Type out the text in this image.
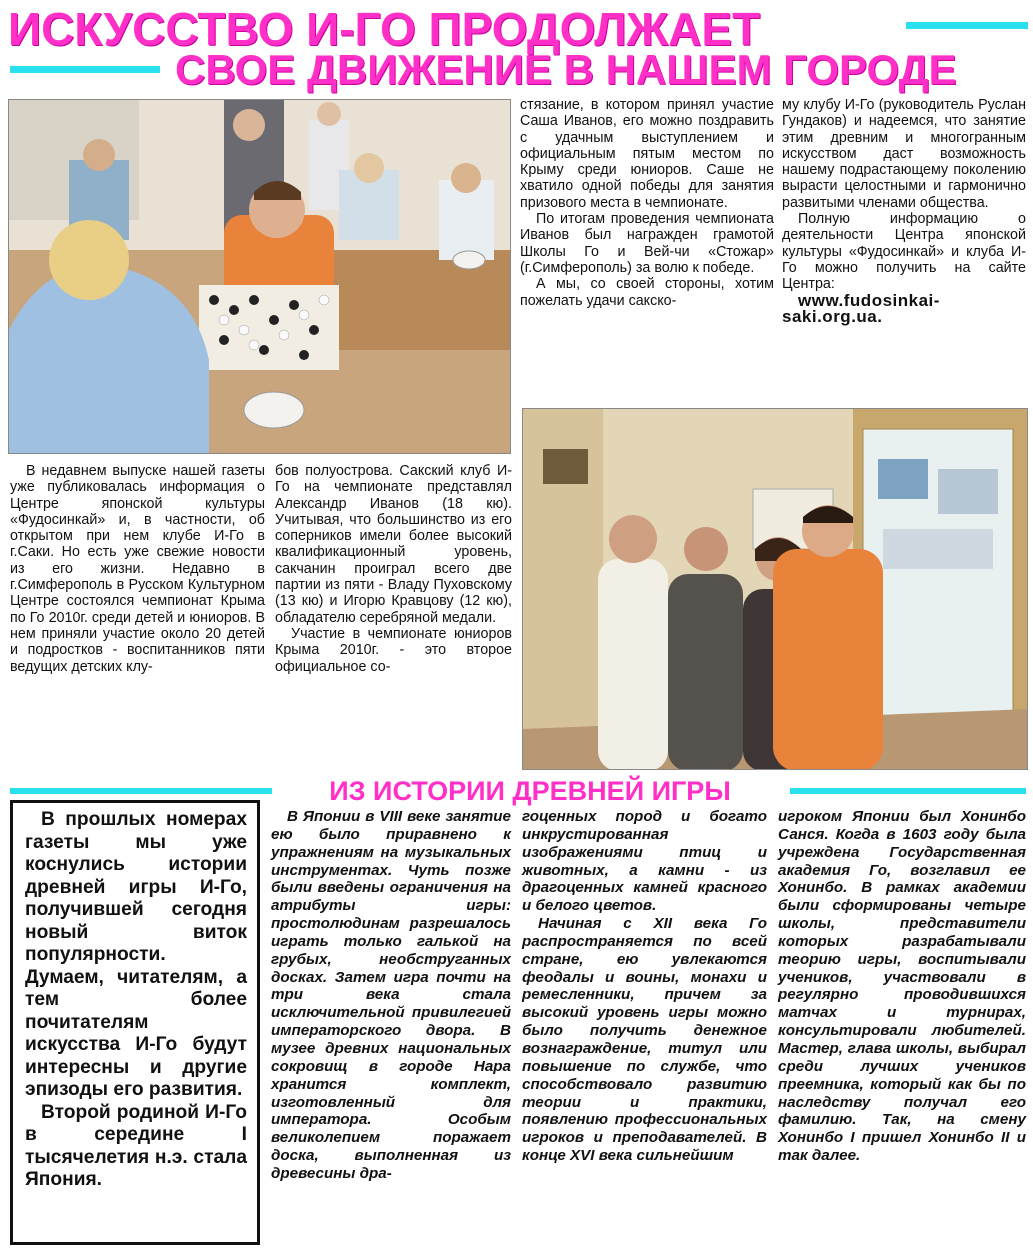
ИСКУССТВО И-ГО ПРОДОЛЖАЕТ
СВОЕ ДВИЖЕНИЕ В НАШЕМ ГОРОДЕ

В недавнем выпуске нашей газеты уже публиковалась информация о Центре японской культуры «Фудосинкай» и, в частности, об открытом при нем клубе И-Го в г.Саки. Но есть уже свежие новости из его жизни. Недавно в г.Симферополь в Русском Культурном Центре состоялся чемпионат Крыма по Го 2010г. среди детей и юниоров. В нем приняли участие около 20 детей и подростков - воспитанников пяти ведущих детских клу-

бов полуострова. Сакский клуб И-Го на чемпионате представлял Александр Иванов (18 кю). Учитывая, что большинство из его соперников имели более высокий квалификационный уровень, сакчанин проиграл всего две партии из пяти - Владу Пуховскому (13 кю) и Игорю Кравцову (12 кю), обладателю серебряной медали.

Участие в чемпионате юниоров Крыма 2010г. - это второе официальное со-

стязание, в котором принял участие Саша Иванов, его можно поздравить с удачным выступлением и официальным пятым местом по Крыму среди юниоров. Саше не хватило одной победы для занятия призового места в чемпионате.

По итогам проведения чемпионата Иванов был награжден грамотой Школы Го и Вей-чи «Стожар» (г.Симферополь) за волю к победе.

А мы, со своей стороны, хотим пожелать удачи сакско-

му клубу И-Го (руководитель Руслан Гундаков) и надеемся, что занятие этим древним и многогранным искусством даст возможность нашему подрастающему поколению вырасти целостными и гармонично развитыми членами общества.

Полную информацию о деятельности Центра японской культуры «Фудосинкай» и клуба И-Го можно получить на сайте Центра:

www.fudosinkai-saki.org.ua.

ИЗ ИСТОРИИ ДРЕВНЕЙ ИГРЫ

В прошлых номерах газеты мы уже коснулись истории древней игры И-Го, получившей сегодня новый виток популярности. Думаем, читателям, а тем более почитателям искусства И-Го будут интересны и другие эпизоды его развития.

Второй родиной И-Го в середине I тысячелетия н.э. стала Япония.

В Японии в VIII веке занятие ею было приравнено к упражнениям на музыкальных инструментах. Чуть позже были введены ограничения на атрибуты игры: простолюдинам разрешалось играть только галькой на грубых, необструганных досках. Затем игра почти на три века стала исключительной привилегией императорского двора. В музее древних национальных сокровищ в городе Нара хранится комплект, изготовленный для императора. Особым великолепием поражает доска, выполненная из древесины дра-

гоценных пород и богато инкрустированная изображениями птиц и животных, а камни - из драгоценных камней красного и белого цветов.

Начиная с XII века Го распространяется по всей стране, ею увлекаются феодалы и воины, монахи и ремесленники, причем за высокий уровень игры можно было получить денежное вознаграждение, титул или повышение по службе, что способствовало развитию теории и практики, появлению профессиональных игроков и преподавателей. В конце XVI века сильнейшим

игроком Японии был Хонинбо Санся. Когда в 1603 году была учреждена Государственная академия Го, возглавил ее Хонинбо. В рамках академии были сформированы четыре школы, представители которых разрабатывали теорию игры, воспитывали учеников, участвовали в регулярно проводившихся матчах и турнирах, консультировали любителей. Мастер, глава школы, выбирал среди лучших учеников преемника, который как бы по наследству получал его фамилию. Так, на смену Хонинбо I пришел Хонинбо II и так далее.
